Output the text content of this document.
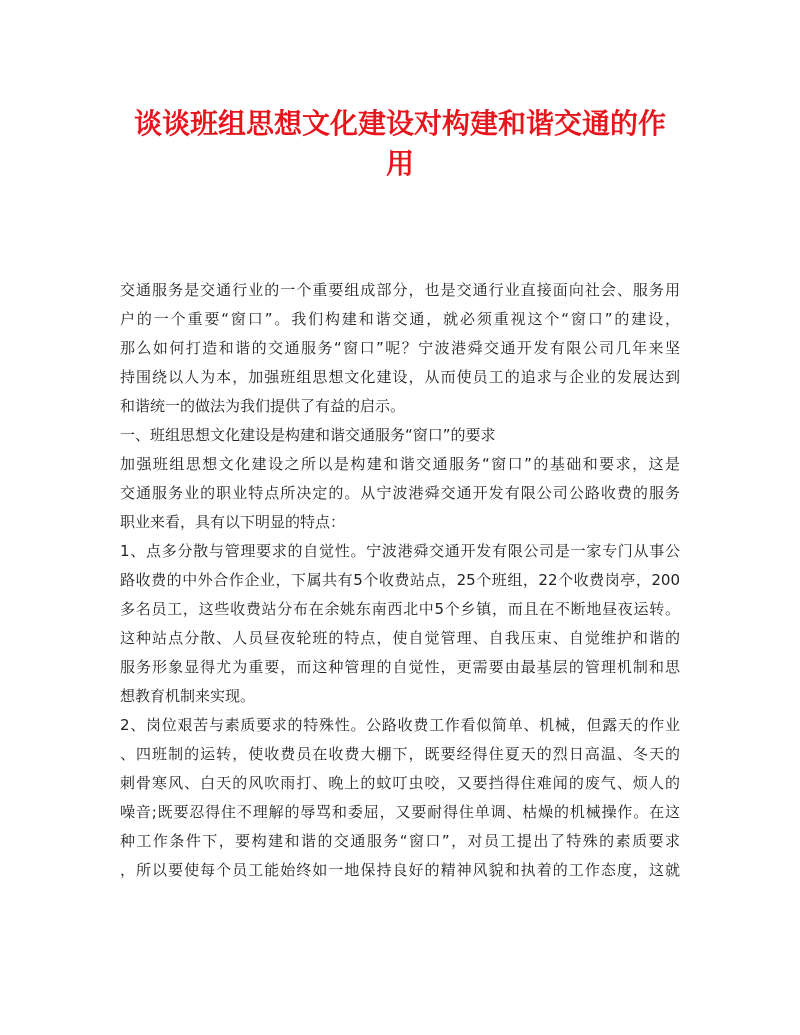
谈谈班组思想文化建设对构建和谐交通的作
用
交通服务是交通行业的一个重要组成部分，也是交通行业直接面向社会、服务用
户的一个重要“窗口”。我们构建和谐交通，就必须重视这个“窗口”的建设，
那么如何打造和谐的交通服务“窗口”呢？宁波港舜交通开发有限公司几年来坚
持围绕以人为本，加强班组思想文化建设，从而使员工的追求与企业的发展达到
和谐统一的做法为我们提供了有益的启示。
一、班组思想文化建设是构建和谐交通服务“窗口”的要求
加强班组思想文化建设之所以是构建和谐交通服务“窗口”的基础和要求，这是
交通服务业的职业特点所决定的。从宁波港舜交通开发有限公司公路收费的服务
职业来看，具有以下明显的特点：
1、点多分散与管理要求的自觉性。宁波港舜交通开发有限公司是一家专门从事公
路收费的中外合作企业，下属共有5个收费站点，25个班组，22个收费岗亭，200
多名员工，这些收费站分布在余姚东南西北中5个乡镇，而且在不断地昼夜运转。
这种站点分散、人员昼夜轮班的特点，使自觉管理、自我压束、自觉维护和谐的
服务形象显得尤为重要，而这种管理的自觉性，更需要由最基层的管理机制和思
想教育机制来实现。
2、岗位艰苦与素质要求的特殊性。公路收费工作看似简单、机械，但露天的作业
、四班制的运转，使收费员在收费大棚下，既要经得住夏天的烈日高温、冬天的
刺骨寒风、白天的风吹雨打、晚上的蚊叮虫咬，又要挡得住难闻的废气、烦人的
噪音;既要忍得住不理解的辱骂和委屈，又要耐得住单调、枯燥的机械操作。在这
种工作条件下，要构建和谐的交通服务“窗口”，对员工提出了特殊的素质要求
，所以要使每个员工能始终如一地保持良好的精神风貌和执着的工作态度，这就
